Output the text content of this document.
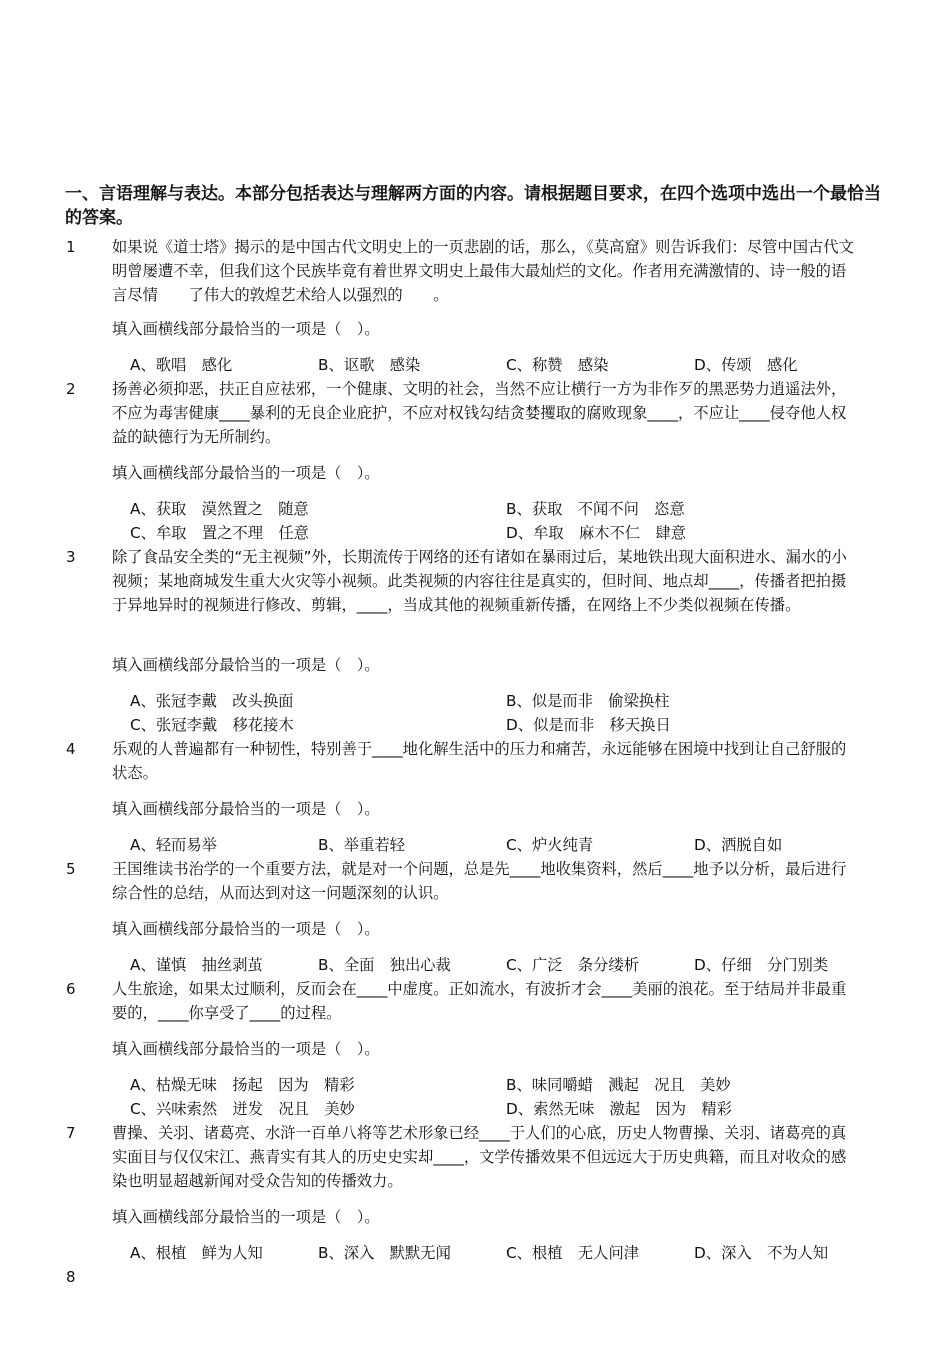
一、言语理解与表达。本部分包括表达与理解两方面的内容。请根据题目要求，在四个选项中选出一个最恰当的答案。
1 如果说《道士塔》揭示的是中国古代文明史上的一页悲剧的话，那么，《莫高窟》则告诉我们：尽管中国古代文明曾屡遭不幸，但我们这个民族毕竟有着世界文明史上最伟大最灿烂的文化。作者用充满激情的、诗一般的语言尽情　　了伟大的敦煌艺术给人以强烈的　　。
填入画横线部分最恰当的一项是（　）。
A、歌唱　感化	B、讴歌　感染	C、称赞　感染	D、传颂　感化
2 扬善必须抑恶，扶正自应祛邪，一个健康、文明的社会，当然不应让横行一方为非作歹的黑恶势力逍遥法外，不应为毒害健康____暴利的无良企业庇护，不应对权钱勾结贪婪攫取的腐败现象____，不应让____侵夺他人权益的缺德行为无所制约。
填入画横线部分最恰当的一项是（　）。
A、获取　漠然置之　随意	B、获取　不闻不问　恣意
C、牟取　置之不理　任意	D、牟取　麻木不仁　肆意
3 除了食品安全类的“无主视频”外，长期流传于网络的还有诸如在暴雨过后，某地铁出现大面积进水、漏水的小视频；某地商城发生重大火灾等小视频。此类视频的内容往往是真实的，但时间、地点却____，传播者把拍摄于异地异时的视频进行修改、剪辑，____，当成其他的视频重新传播，在网络上不少类似视频在传播。
填入画横线部分最恰当的一项是（　）。
A、张冠李戴　改头换面	B、似是而非　偷梁换柱
C、张冠李戴　移花接木	D、似是而非　移天换日
4 乐观的人普遍都有一种韧性，特别善于____地化解生活中的压力和痛苦，永远能够在困境中找到让自己舒服的状态。
填入画横线部分最恰当的一项是（　）。
A、轻而易举	B、举重若轻	C、炉火纯青	D、洒脱自如
5 王国维读书治学的一个重要方法，就是对一个问题，总是先____地收集资料，然后____地予以分析，最后进行综合性的总结，从而达到对这一问题深刻的认识。
填入画横线部分最恰当的一项是（　）。
A、谨慎　抽丝剥茧	B、全面　独出心裁	C、广泛　条分缕析	D、仔细　分门别类
6 人生旅途，如果太过顺利，反而会在____中虚度。正如流水，有波折才会____美丽的浪花。至于结局并非最重要的，____你享受了____的过程。
填入画横线部分最恰当的一项是（　）。
A、枯燥无味　扬起　因为　精彩	B、味同嚼蜡　溅起　况且　美妙
C、兴味索然　迸发　况且　美妙	D、索然无味　激起　因为　精彩
7 曹操、关羽、诸葛亮、水浒一百单八将等艺术形象已经____于人们的心底，历史人物曹操、关羽、诸葛亮的真实面目与仅仅宋江、燕青实有其人的历史史实却____，文学传播效果不但远远大于历史典籍，而且对收众的感染也明显超越新闻对受众告知的传播效力。
填入画横线部分最恰当的一项是（　）。
A、根植　鲜为人知	B、深入　默默无闻	C、根植　无人问津	D、深入　不为人知
8
